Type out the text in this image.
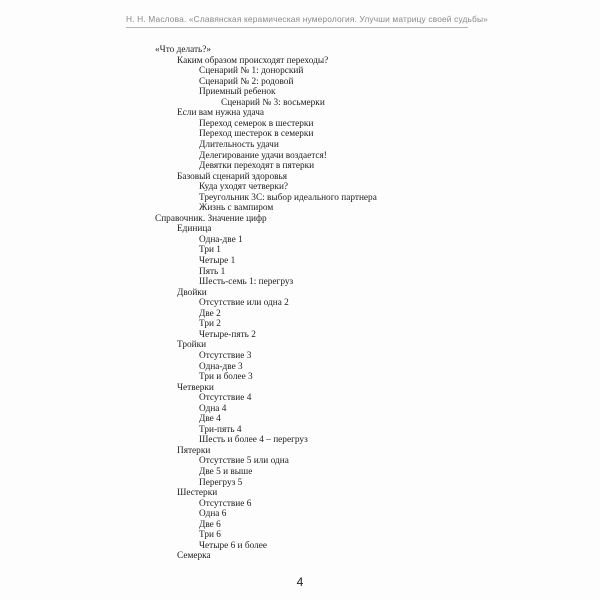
Н. Н. Маслова. «Славянская керамическая нумерология. Улучши матрицу своей судьбы»
«Что делать?»
Каким образом происходят переходы?
Сценарий № 1: донорский
Сценарий № 2: родовой
Приемный ребенок
Сценарий № 3: восьмерки
Если вам нужна удача
Переход семерок в шестерки
Переход шестерок в семерки
Длительность удачи
Делегирование удачи воздается!
Девятки переходят в пятерки
Базовый сценарий здоровья
Куда уходят четверки?
Треугольник 3С: выбор идеального партнера
Жизнь с вампиром
Справочник. Значение цифр
Единица
Одна-две 1
Три 1
Четыре 1
Пять 1
Шесть-семь 1: перегруз
Двойки
Отсутствие или одна 2
Две 2
Три 2
Четыре-пять 2
Тройки
Отсутствие 3
Одна-две 3
Три и более 3
Четверки
Отсутствие 4
Одна 4
Две 4
Три-пять 4
Шесть и более 4 – перегруз
Пятерки
Отсутствие 5 или одна
Две 5 и выше
Перегруз 5
Шестерки
Отсутствие 6
Одна 6
Две 6
Три 6
Четыре 6 и более
Семерка
4
